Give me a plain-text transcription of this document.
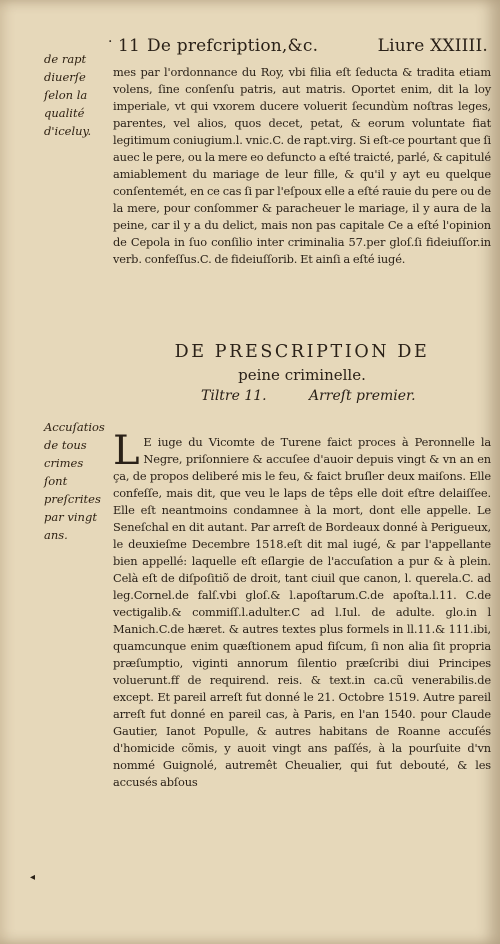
· 11 De prefcription,&c.	Liure XXIIII.
de rapt diuerſe ſelon la qualité d'iceluy.
mes par l'ordonnance du Roy, vbi filia eſt ſeducta & tradita etiam volens, ſine conſenſu patris, aut matris. Oportet enim, dit la loy imperiale, vt qui vxorem ducere voluerit ſecundùm noſtras leges, parentes, vel alios, quos decet, petat, & eorum voluntate fiat legitimum coniugium.l. vnic.C. de rapt.virg. Si eſt-ce pourtant que ſi auec le pere, ou la mere eo defuncto a eſté traicté, parlé, & capitulé amiablement du mariage de leur fille, & qu'il y ayt eu quelque conſentemét, en ce cas ſi par l'eſpoux elle a eſté rauie du pere ou de la mere, pour conſommer & paracheuer le mariage, il y aura de la peine, car il y a du delict, mais non pas capitale Ce a eſté l'opinion de Cepola in ſuo conſilio inter criminalia 57.per gloſ.ſi fideiuſſor.in verb. confeſſus.C. de fideiuſſorib. Et ainſi a eſté iugé.
DE PRESCRIPTION DE
peine criminelle.
Tiltre 11.	Arreſt premier.
Accuſatios de tous crimes ſont preſcrites par vingt ans.
L E iuge du Vicomte de Turene faict proces à Peronnelle la Negre, priſonniere & accuſee d'auoir depuis vingt & vn an en ça, de propos deliberé mis le feu, & faict bruſler deux maiſons. Elle confeſſe, mais dit, que veu le laps de têps elle doit eſtre delaiſſee. Elle eſt neantmoins condamnee à la mort, dont elle appelle. Le Seneſchal en dit autant. Par arreſt de Bordeaux donné à Perigueux, le deuxieſme Decembre 1518.eſt dit mal iugé, & par l'appellante bien appellé: laquelle eſt eſlargie de l'accuſation a pur & à plein. Celà eſt de diſpoſitiõ de droit, tant ciuil que canon, l. querela.C. ad leg.Cornel.de falſ.vbi gloſ.& l.apoſtarum.C.de apoſta.l.11. C.de vectigalib.& commiſſ.l.adulter.C ad l.Iul. de adulte. glo.in l Manich.C.de hæret. & autres textes plus formels in ll.11.& 111.ibi, quamcunque enim quæſtionem apud fiſcum, ſi non alia ſit propria præſumptio, viginti annorum ſilentio præſcribi diui Principes voluerunt.ff de requirend. reis. & text.in ca.cũ venerabilis.de except. Et pareil arreſt fut donné le 21. Octobre 1519. Autre pareil arreſt fut donné en pareil cas, à Paris, en l'an 1540. pour Claude Gautier, Ianot Populle, & autres habitans de Roanne accuſés d'homicide cõmis, y auoit vingt ans paſſés, à la pourſuite d'vn nommé Guignolé, autremêt Cheualier, qui fut debouté, & les accusés abſous
◂
